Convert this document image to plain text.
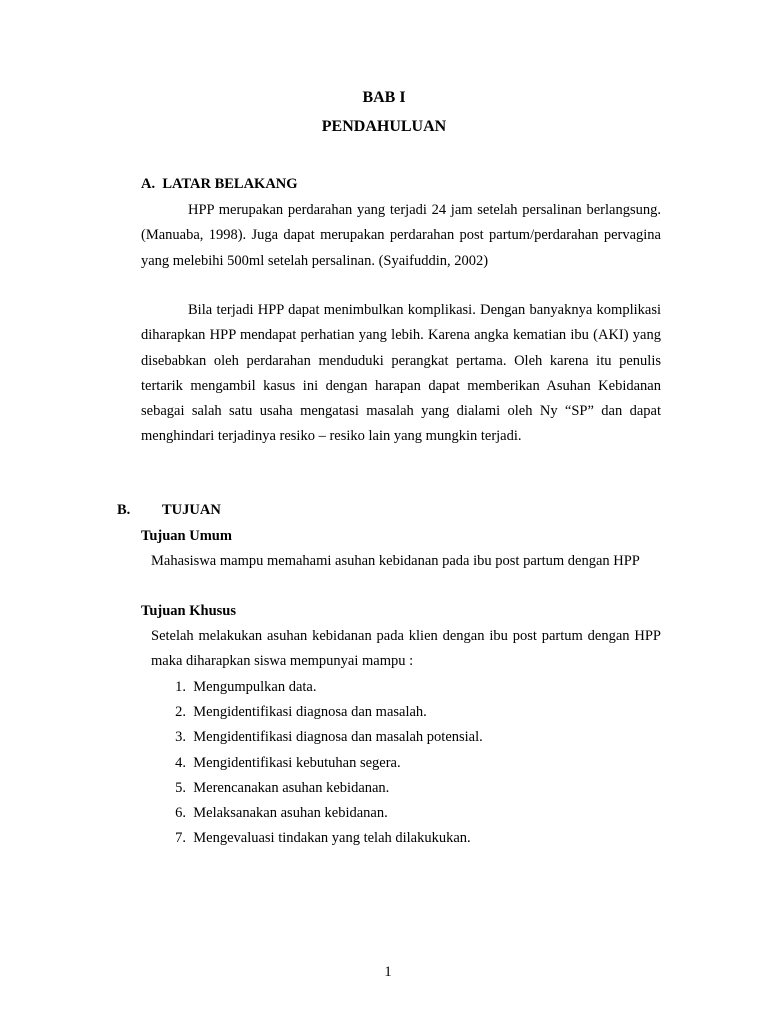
BAB I
PENDAHULUAN
A.  LATAR BELAKANG
HPP merupakan perdarahan yang terjadi 24 jam setelah persalinan berlangsung. (Manuaba, 1998). Juga dapat merupakan perdarahan post partum/perdarahan pervagina yang melebihi 500ml setelah persalinan. (Syaifuddin, 2002)
Bila terjadi HPP dapat menimbulkan komplikasi. Dengan banyaknya komplikasi diharapkan HPP mendapat perhatian yang lebih. Karena angka kematian ibu (AKI) yang disebabkan oleh perdarahan menduduki perangkat pertama. Oleh karena itu penulis tertarik mengambil kasus ini dengan harapan dapat memberikan Asuhan Kebidanan sebagai salah satu usaha mengatasi masalah yang dialami oleh Ny “SP” dan dapat menghindari terjadinya resiko – resiko lain yang mungkin terjadi.
B. TUJUAN
Tujuan Umum
Mahasiswa mampu memahami asuhan kebidanan pada ibu post partum dengan HPP
Tujuan Khusus
Setelah melakukan asuhan kebidanan pada klien dengan ibu post partum dengan HPP maka diharapkan siswa mempunyai mampu :
1. Mengumpulkan data.
2. Mengidentifikasi diagnosa dan masalah.
3. Mengidentifikasi diagnosa dan masalah potensial.
4. Mengidentifikasi kebutuhan segera.
5. Merencanakan asuhan kebidanan.
6. Melaksanakan asuhan kebidanan.
7. Mengevaluasi tindakan yang telah dilakukukan.
1
